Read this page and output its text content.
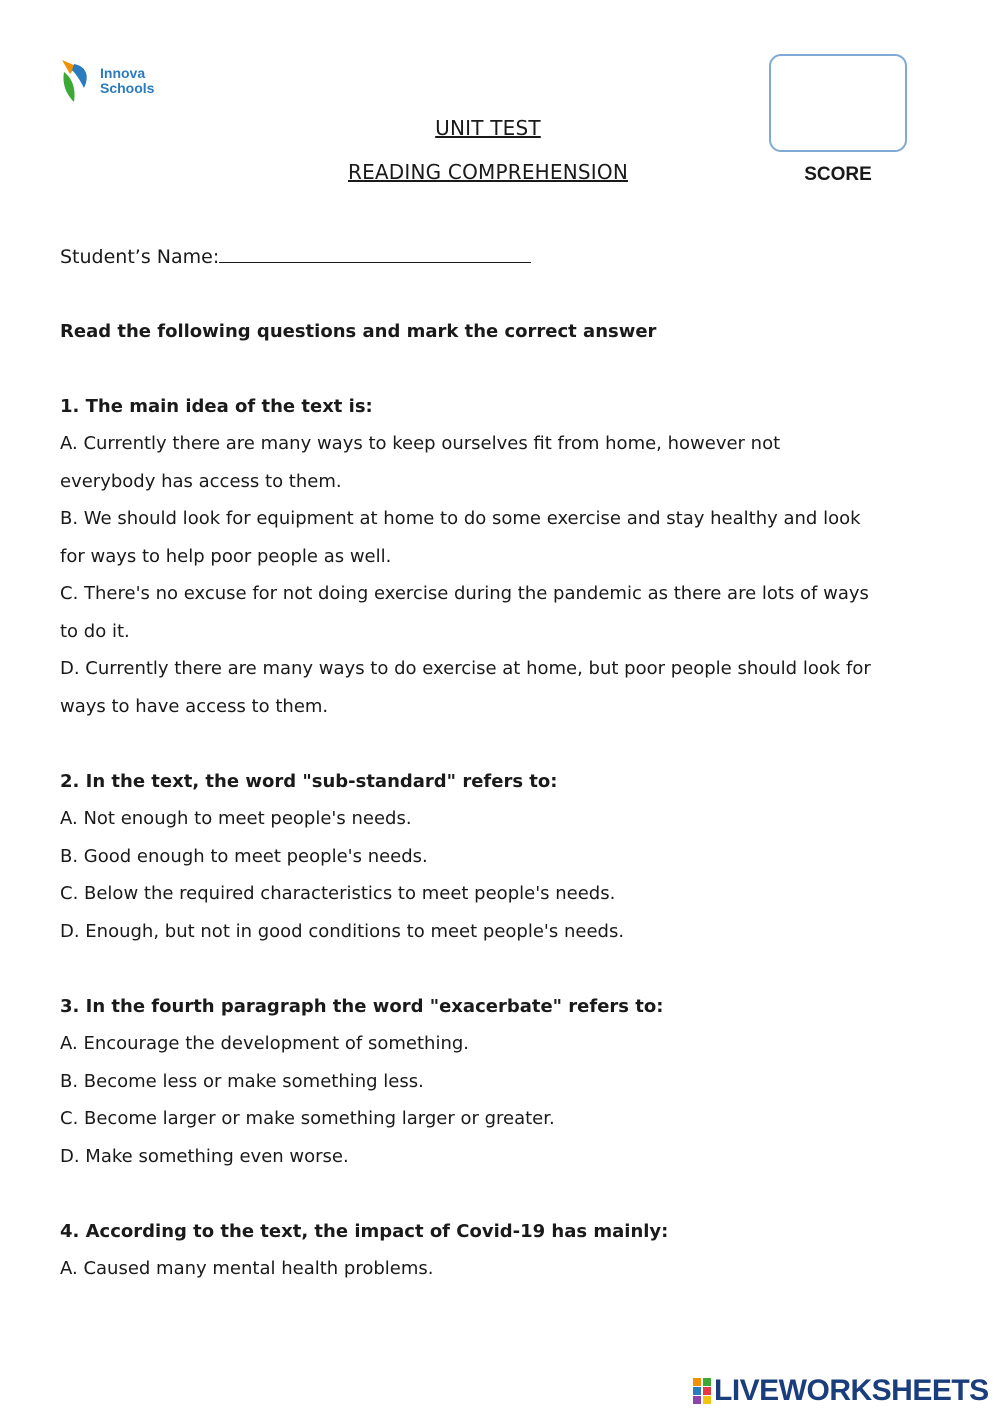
Innova
Schools
UNIT TEST
READING COMPREHENSION	SCORE
Student’s Name:
Read the following questions and mark the correct answer
1. The main idea of the text is:
A. Currently there are many ways to keep ourselves fit from home, however not
everybody has access to them.
B. We should look for equipment at home to do some exercise and stay healthy and look
for ways to help poor people as well.
C. There's no excuse for not doing exercise during the pandemic as there are lots of ways
to do it.
D. Currently there are many ways to do exercise at home, but poor people should look for
ways to have access to them.
2. In the text, the word "sub-standard" refers to:
A. Not enough to meet people's needs.
B. Good enough to meet people's needs.
C. Below the required characteristics to meet people's needs.
D. Enough, but not in good conditions to meet people's needs.
3. In the fourth paragraph the word "exacerbate" refers to:
A. Encourage the development of something.
B. Become less or make something less.
C. Become larger or make something larger or greater.
D. Make something even worse.
4. According to the text, the impact of Covid-19 has mainly:
A. Caused many mental health problems.
LIVEWORKSHEETS
